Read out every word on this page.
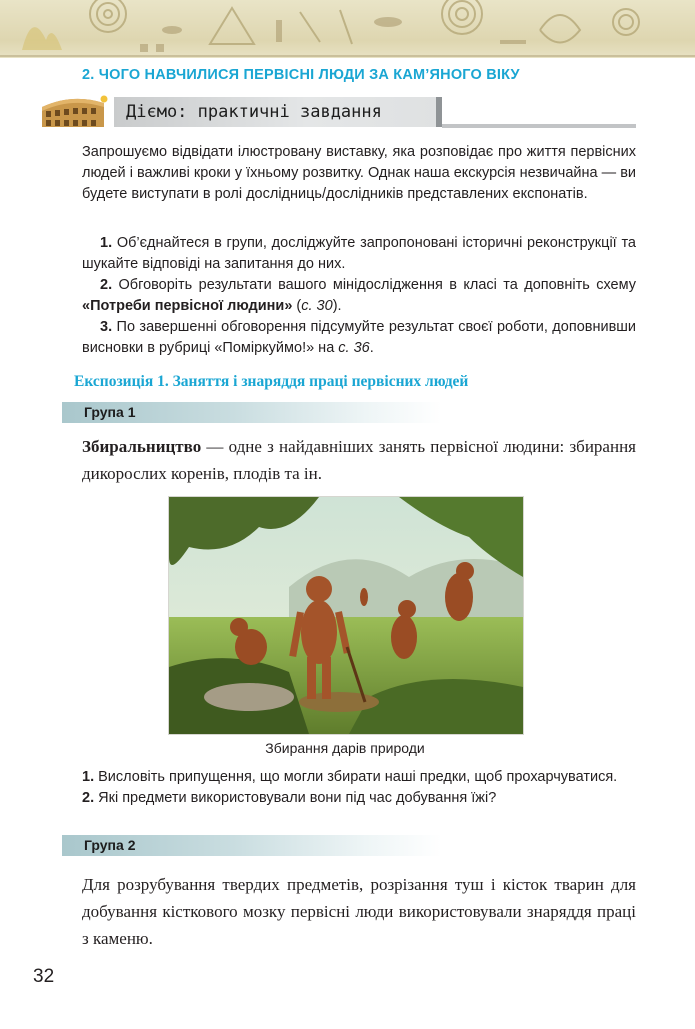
2. ЧОГО НАВЧИЛИСЯ ПЕРВІСНІ ЛЮДИ ЗА КАМ’ЯНОГО ВІКУ
Діємо: практичні завдання

Запрошуємо відвідати ілюстровану виставку, яка розповідає про життя первісних людей і важливі кроки у їхньому розвитку. Однак наша екскурсія незвичайна — ви будете виступати в ролі дослідниць/дослідників представлених експонатів.

1. Об’єднайтеся в групи, досліджуйте запропоновані історичні реконструкції та шукайте відповіді на запитання до них.

2. Обговоріть результати вашого мінідослідження в класі та доповніть схему «Потреби первісної людини» (с. 30).

3. По завершенні обговорення підсумуйте результат своєї роботи, доповнивши висновки в рубриці «Поміркуймо!» на с. 36.

Експозиція 1. Заняття і знаряддя праці первісних людей
Група 1

Збиральництво — одне з найдавніших занять первісної людини: збирання дикорослих коренів, плодів та ін.

Збирання дарів природи

1. Висловіть припущення, що могли збирати наші предки, щоб прохарчуватися.

2. Які предмети використовували вони під час добування їжі?

Група 2

Для розрубування твердих предметів, розрізання туш і кісток тварин для добування кісткового мозку первісні люди використовували знаряддя праці з каменю.

32
